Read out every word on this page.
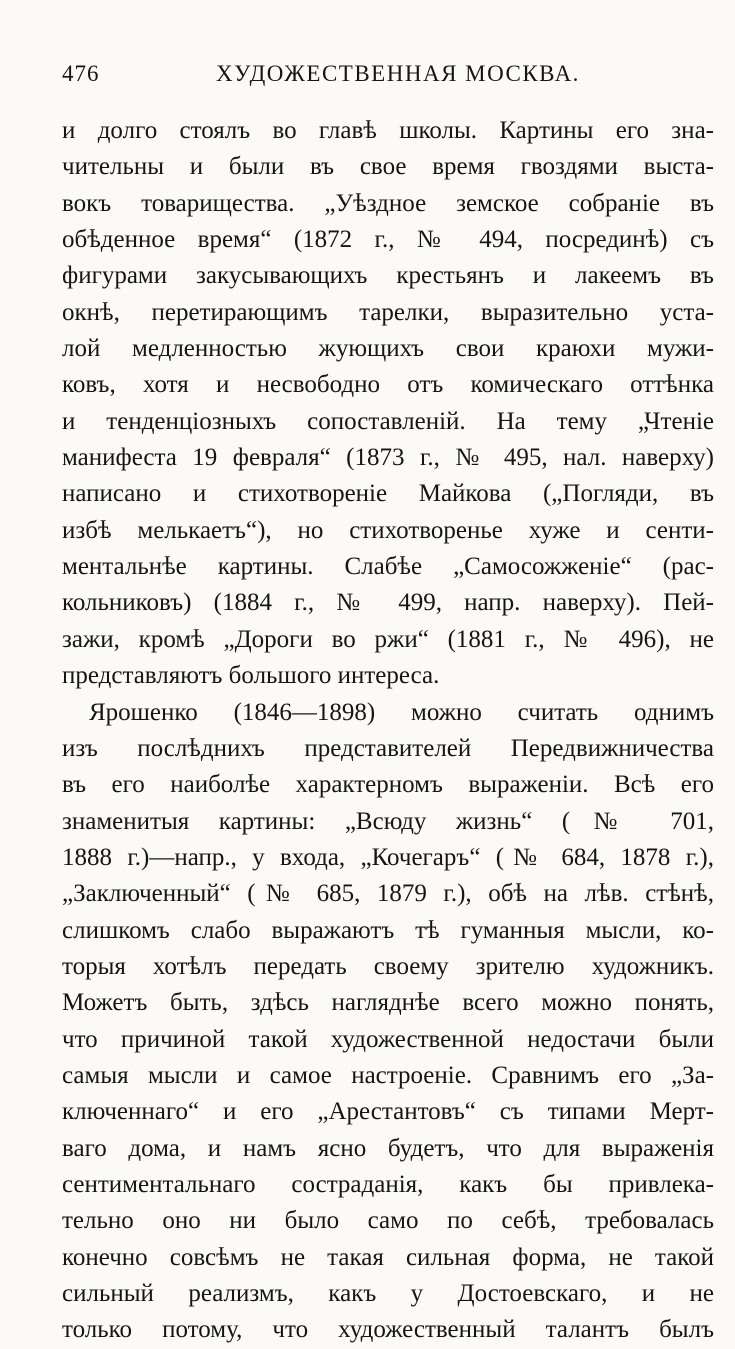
476	ХУДОЖЕСТВЕННАЯ МОСКВА.
и долго стоялъ во главѣ школы. Картины его зна-
чительны и были въ свое время гвоздями выста-
вокъ товарищества. „Уѣздное земское собраніе въ
обѣденное время“ (1872 г., № 494, посрединѣ) съ
фигурами закусывающихъ крестьянъ и лакеемъ въ
окнѣ, перетирающимъ тарелки, выразительно уста-
лой медленностью жующихъ свои краюхи мужи-
ковъ, хотя и несвободно отъ комическаго оттѣнка
и тенденціозныхъ сопоставленій. На тему „Чтеніе
манифеста 19 февраля“ (1873 г., № 495, нал. наверху)
написано и стихотвореніе Майкова („Погляди, въ
избѣ мелькаетъ“), но стихотворенье хуже и сенти-
ментальнѣе картины. Слабѣе „Самосожженіе“ (рас-
кольниковъ) (1884 г., № 499, напр. наверху). Пей-
зажи, кромѣ „Дороги во ржи“ (1881 г., № 496), не
представляютъ большого интереса.
Ярошенко (1846—1898) можно считать однимъ
изъ послѣднихъ представителей Передвижничества
въ его наиболѣе характерномъ выраженіи. Всѣ его
знаменитыя картины: „Всюду жизнь“ (№ 701,
1888 г.)—напр., у входа, „Кочегаръ“ (№ 684, 1878 г.),
„Заключенный“ (№ 685, 1879 г.), обѣ на лѣв. стѣнѣ,
слишкомъ слабо выражаютъ тѣ гуманныя мысли, ко-
торыя хотѣлъ передать своему зрителю художникъ.
Можетъ быть, здѣсь нагляднѣе всего можно понять,
что причиной такой художественной недостачи были
самыя мысли и самое настроеніе. Сравнимъ его „За-
ключеннаго“ и его „Арестантовъ“ съ типами Мерт-
ваго дома, и намъ ясно будетъ, что для выраженія
сентиментальнаго состраданія, какъ бы привлека-
тельно оно ни было само по себѣ, требовалась
конечно совсѣмъ не такая сильная форма, не такой
сильный реализмъ, какъ у Достоевскаго, и не
только потому, что художественный талантъ былъ
